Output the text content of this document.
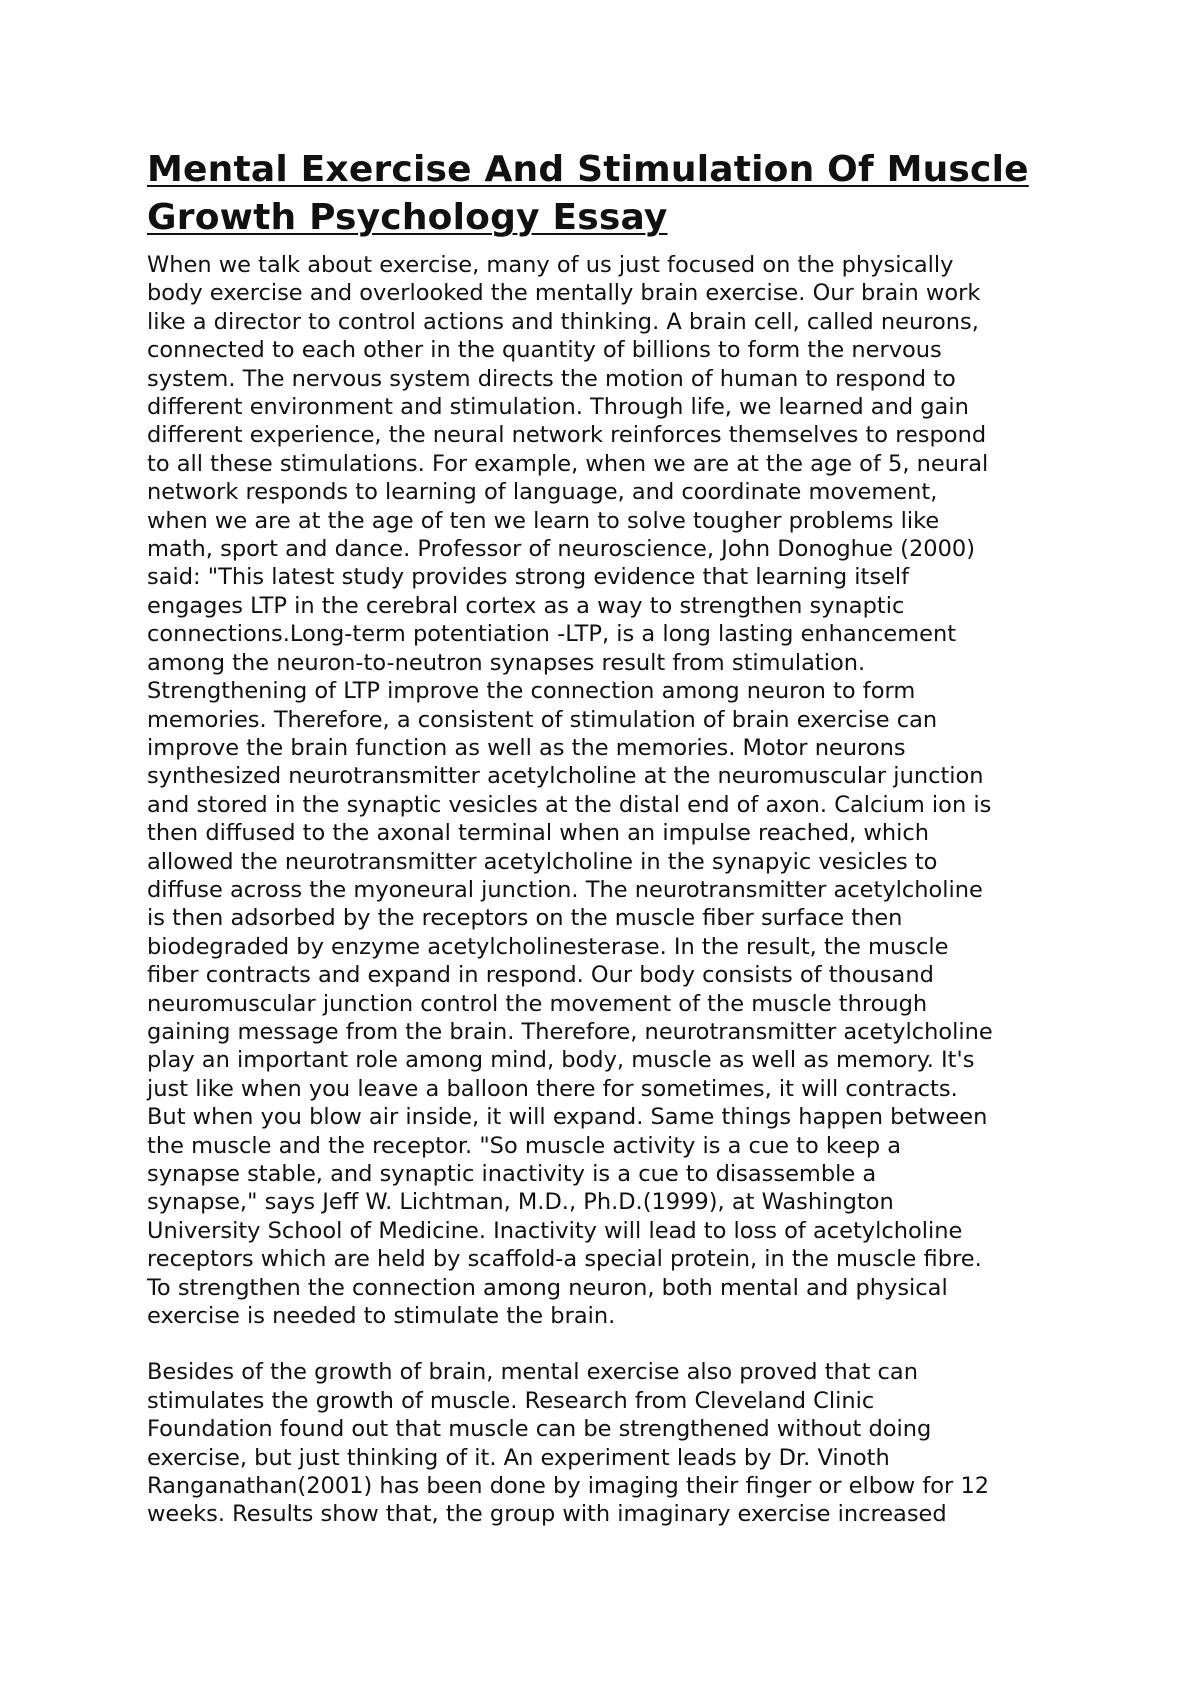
Mental Exercise And Stimulation Of Muscle Growth Psychology Essay

When we talk about exercise, many of us just focused on the physically
body exercise and overlooked the mentally brain exercise. Our brain work
like a director to control actions and thinking. A brain cell, called neurons,
connected to each other in the quantity of billions to form the nervous
system. The nervous system directs the motion of human to respond to
different environment and stimulation. Through life, we learned and gain
different experience, the neural network reinforces themselves to respond
to all these stimulations. For example, when we are at the age of 5, neural
network responds to learning of language, and coordinate movement,
when we are at the age of ten we learn to solve tougher problems like
math, sport and dance. Professor of neuroscience, John Donoghue (2000)
said: "This latest study provides strong evidence that learning itself
engages LTP in the cerebral cortex as a way to strengthen synaptic
connections.Long-term potentiation -LTP, is a long lasting enhancement
among the neuron-to-neutron synapses result from stimulation.
Strengthening of LTP improve the connection among neuron to form
memories. Therefore, a consistent of stimulation of brain exercise can
improve the brain function as well as the memories. Motor neurons
synthesized neurotransmitter acetylcholine at the neuromuscular junction
and stored in the synaptic vesicles at the distal end of axon. Calcium ion is
then diffused to the axonal terminal when an impulse reached, which
allowed the neurotransmitter acetylcholine in the synapyic vesicles to
diffuse across the myoneural junction. The neurotransmitter acetylcholine
is then adsorbed by the receptors on the muscle fiber surface then
biodegraded by enzyme acetylcholinesterase. In the result, the muscle
fiber contracts and expand in respond. Our body consists of thousand
neuromuscular junction control the movement of the muscle through
gaining message from the brain. Therefore, neurotransmitter acetylcholine
play an important role among mind, body, muscle as well as memory. It's
just like when you leave a balloon there for sometimes, it will contracts.
But when you blow air inside, it will expand. Same things happen between
the muscle and the receptor. "So muscle activity is a cue to keep a
synapse stable, and synaptic inactivity is a cue to disassemble a
synapse," says Jeff W. Lichtman, M.D., Ph.D.(1999), at Washington
University School of Medicine. Inactivity will lead to loss of acetylcholine
receptors which are held by scaffold-a special protein, in the muscle fibre.
To strengthen the connection among neuron, both mental and physical
exercise is needed to stimulate the brain.

Besides of the growth of brain, mental exercise also proved that can
stimulates the growth of muscle. Research from Cleveland Clinic
Foundation found out that muscle can be strengthened without doing
exercise, but just thinking of it. An experiment leads by Dr. Vinoth
Ranganathan(2001) has been done by imaging their finger or elbow for 12
weeks. Results show that, the group with imaginary exercise increased
